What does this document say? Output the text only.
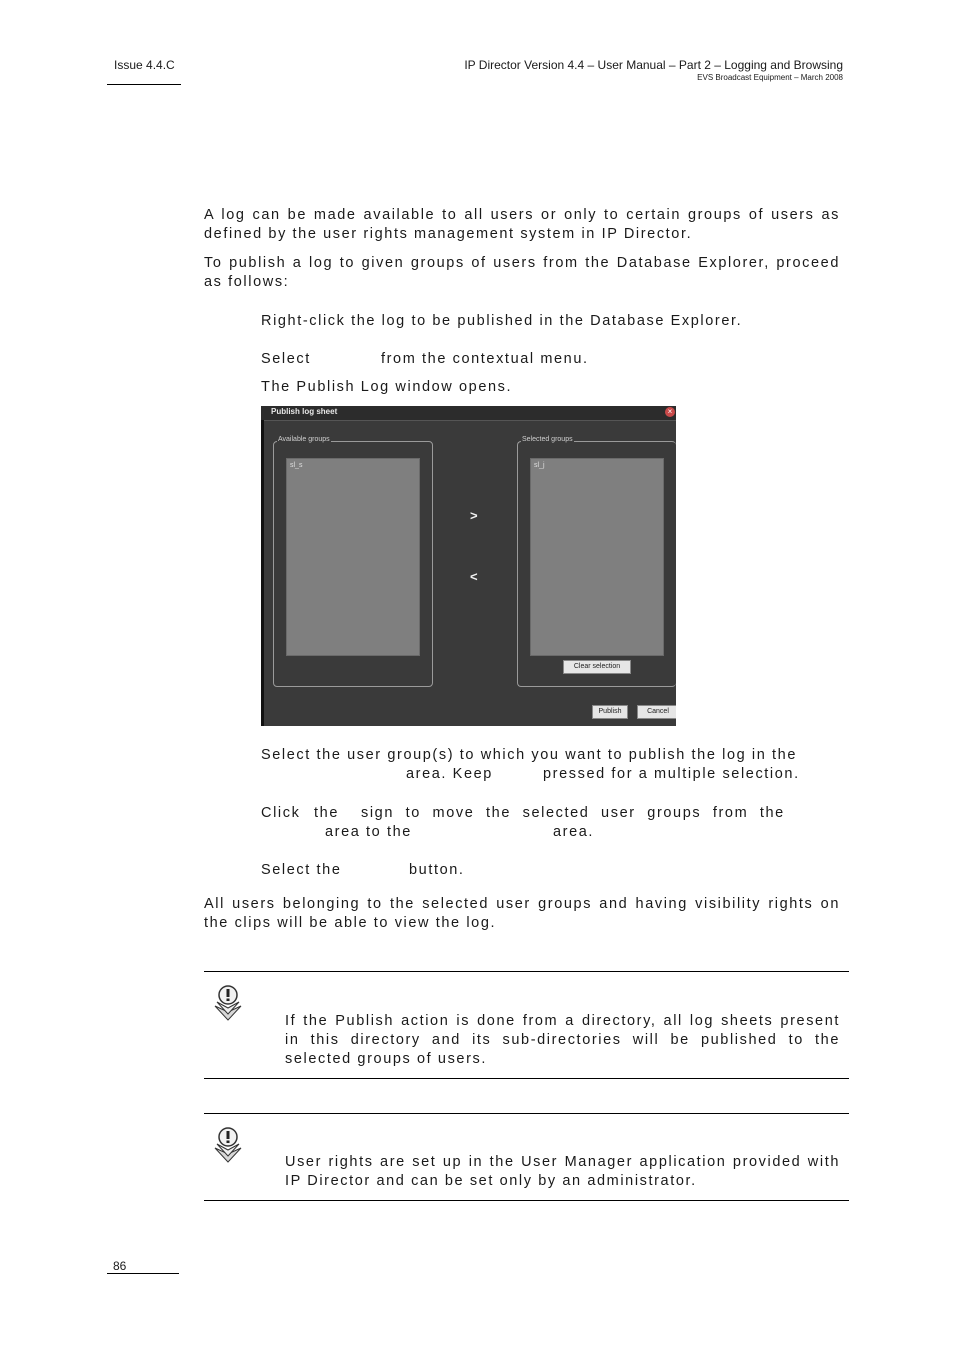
Issue 4.4.C	IP Director Version 4.4 – User Manual – Part 2 – Logging and Browsing
EVS Broadcast Equipment – March 2008
A log can be made available to all users or only to certain groups of users as defined by the user rights management system in IP Director.
To publish a log to given groups of users from the Database Explorer, proceed as follows:
Right-click the log to be published in the Database Explorer.
Select	from the contextual menu.
The Publish Log window opens.
Publish log sheet	×
Available groups
sl_s
>
<
Selected groups
sl_j
Clear selection
Publish	Cancel
Select the user group(s) to which you want to publish the log in the
area. Keep	pressed for a multiple selection.
Click the sign to move the selected user groups from the
area to the	area.
Select the	button.
All users belonging to the selected user groups and having visibility rights on the clips will be able to view the log.
If the Publish action is done from a directory, all log sheets present in this directory and its sub-directories will be published to the selected groups of users.
User rights are set up in the User Manager application provided with IP Director and can be set only by an administrator.
86
